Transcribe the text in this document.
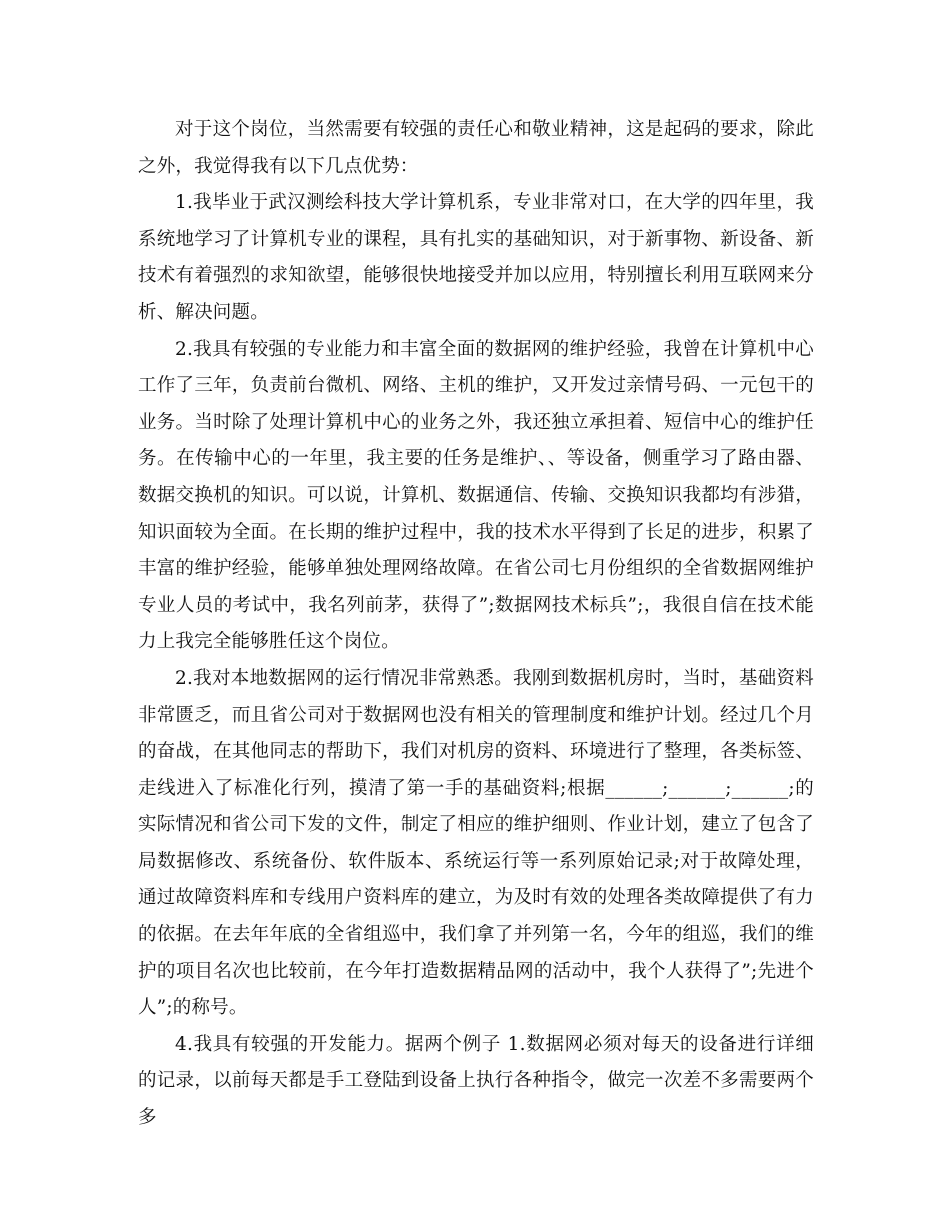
对于这个岗位，当然需要有较强的责任心和敬业精神，这是起码的要求，除此之外，我觉得我有以下几点优势：

1.我毕业于武汉测绘科技大学计算机系，专业非常对口，在大学的四年里，我系统地学习了计算机专业的课程，具有扎实的基础知识，对于新事物、新设备、新技术有着强烈的求知欲望，能够很快地接受并加以应用，特别擅长利用互联网来分析、解决问题。

2.我具有较强的专业能力和丰富全面的数据网的维护经验，我曾在计算机中心工作了三年，负责前台微机、网络、主机的维护，又开发过亲情号码、一元包干的业务。当时除了处理计算机中心的业务之外，我还独立承担着、短信中心的维护任务。在传输中心的一年里，我主要的任务是维护、、等设备，侧重学习了路由器、数据交换机的知识。可以说，计算机、数据通信、传输、交换知识我都均有涉猎，知识面较为全面。在长期的维护过程中，我的技术水平得到了长足的进步，积累了丰富的维护经验，能够单独处理网络故障。在省公司七月份组织的全省数据网维护专业人员的考试中，我名列前茅，获得了”;数据网技术标兵”;，我很自信在技术能力上我完全能够胜任这个岗位。

2.我对本地数据网的运行情况非常熟悉。我刚到数据机房时，当时，基础资料非常匮乏，而且省公司对于数据网也没有相关的管理制度和维护计划。经过几个月的奋战，在其他同志的帮助下，我们对机房的资料、环境进行了整理，各类标签、走线进入了标准化行列，摸清了第一手的基础资料;根据______;______;______;的实际情况和省公司下发的文件，制定了相应的维护细则、作业计划，建立了包含了局数据修改、系统备份、软件版本、系统运行等一系列原始记录;对于故障处理，通过故障资料库和专线用户资料库的建立，为及时有效的处理各类故障提供了有力的依据。在去年年底的全省组巡中，我们拿了并列第一名，今年的组巡，我们的维护的项目名次也比较前，在今年打造数据精品网的活动中，我个人获得了”;先进个人”;的称号。

4.我具有较强的开发能力。据两个例子 1.数据网必须对每天的设备进行详细的记录，以前每天都是手工登陆到设备上执行各种指令，做完一次差不多需要两个多
